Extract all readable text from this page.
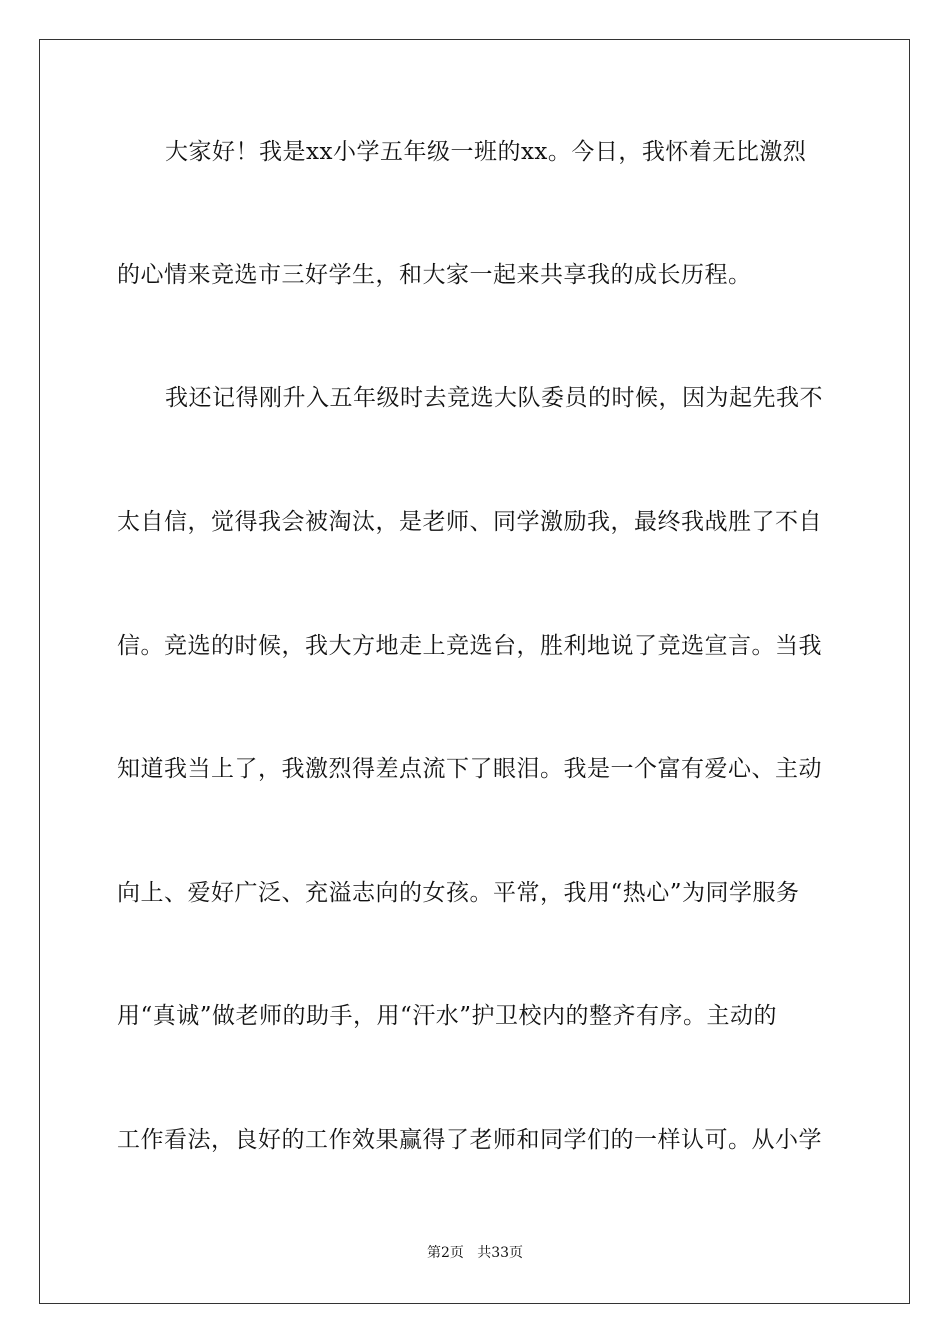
大家好！我是xx小学五年级一班的xx。今日，我怀着无比激烈
的心情来竞选市三好学生，和大家一起来共享我的成长历程。
我还记得刚升入五年级时去竞选大队委员的时候，因为起先我不
太自信，觉得我会被淘汰，是老师、同学激励我，最终我战胜了不自
信。竞选的时候，我大方地走上竞选台，胜利地说了竞选宣言。当我
知道我当上了，我激烈得差点流下了眼泪。我是一个富有爱心、主动
向上、爱好广泛、充溢志向的女孩。平常，我用“热心”为同学服务
用“真诚”做老师的助手，用“汗水”护卫校内的整齐有序。主动的
工作看法，良好的工作效果赢得了老师和同学们的一样认可。从小学
第2页   共33页
